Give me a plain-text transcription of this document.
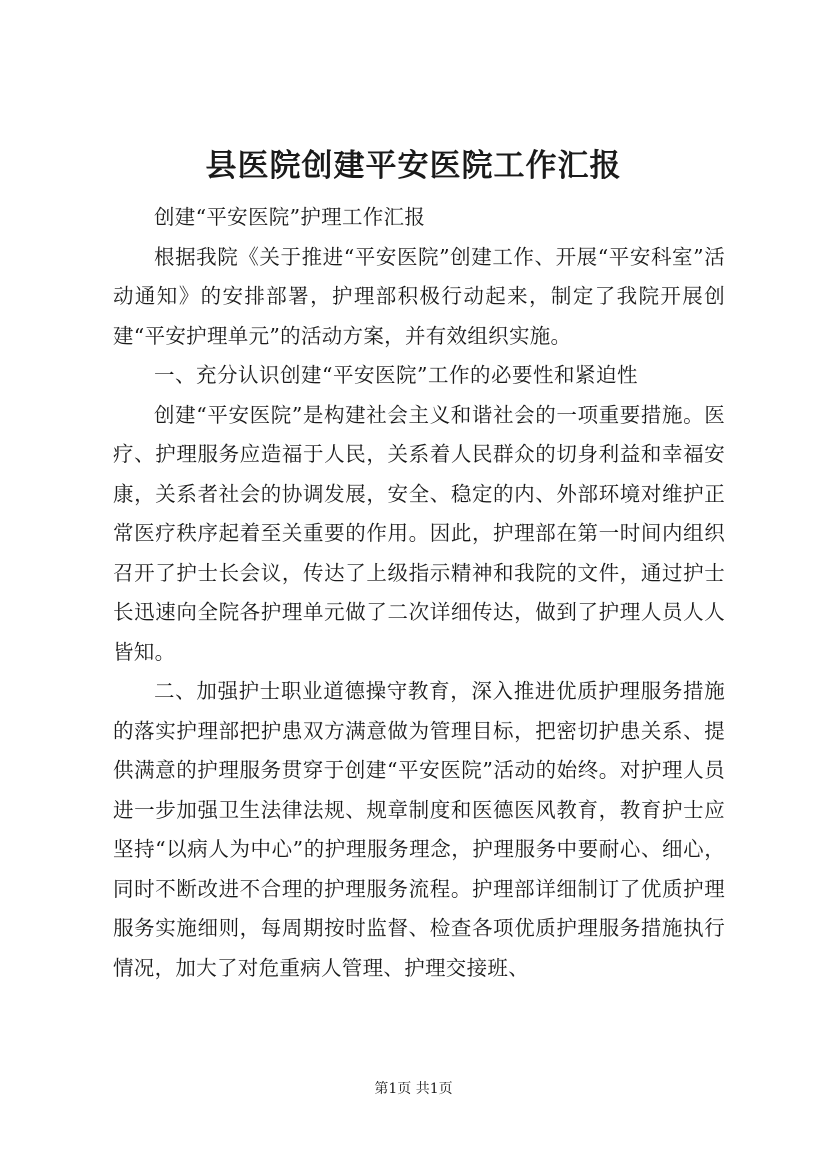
县医院创建平安医院工作汇报

创建“平安医院”护理工作汇报

根据我院《关于推进“平安医院”创建工作、开展“平安科室”活动通知》的安排部署，护理部积极行动起来，制定了我院开展创建“平安护理单元”的活动方案，并有效组织实施。

一、充分认识创建“平安医院”工作的必要性和紧迫性

创建“平安医院”是构建社会主义和谐社会的一项重要措施。医疗、护理服务应造福于人民，关系着人民群众的切身利益和幸福安康，关系者社会的协调发展，安全、稳定的内、外部环境对维护正常医疗秩序起着至关重要的作用。因此，护理部在第一时间内组织召开了护士长会议，传达了上级指示精神和我院的文件，通过护士长迅速向全院各护理单元做了二次详细传达，做到了护理人员人人皆知。

二、加强护士职业道德操守教育，深入推进优质护理服务措施的落实护理部把护患双方满意做为管理目标，把密切护患关系、提供满意的护理服务贯穿于创建“平安医院”活动的始终。对护理人员进一步加强卫生法律法规、规章制度和医德医风教育，教育护士应坚持“以病人为中心”的护理服务理念，护理服务中要耐心、细心，同时不断改进不合理的护理服务流程。护理部详细制订了优质护理服务实施细则，每周期按时监督、检查各项优质护理服务措施执行情况，加大了对危重病人管理、护理交接班、

第1页 共1页
